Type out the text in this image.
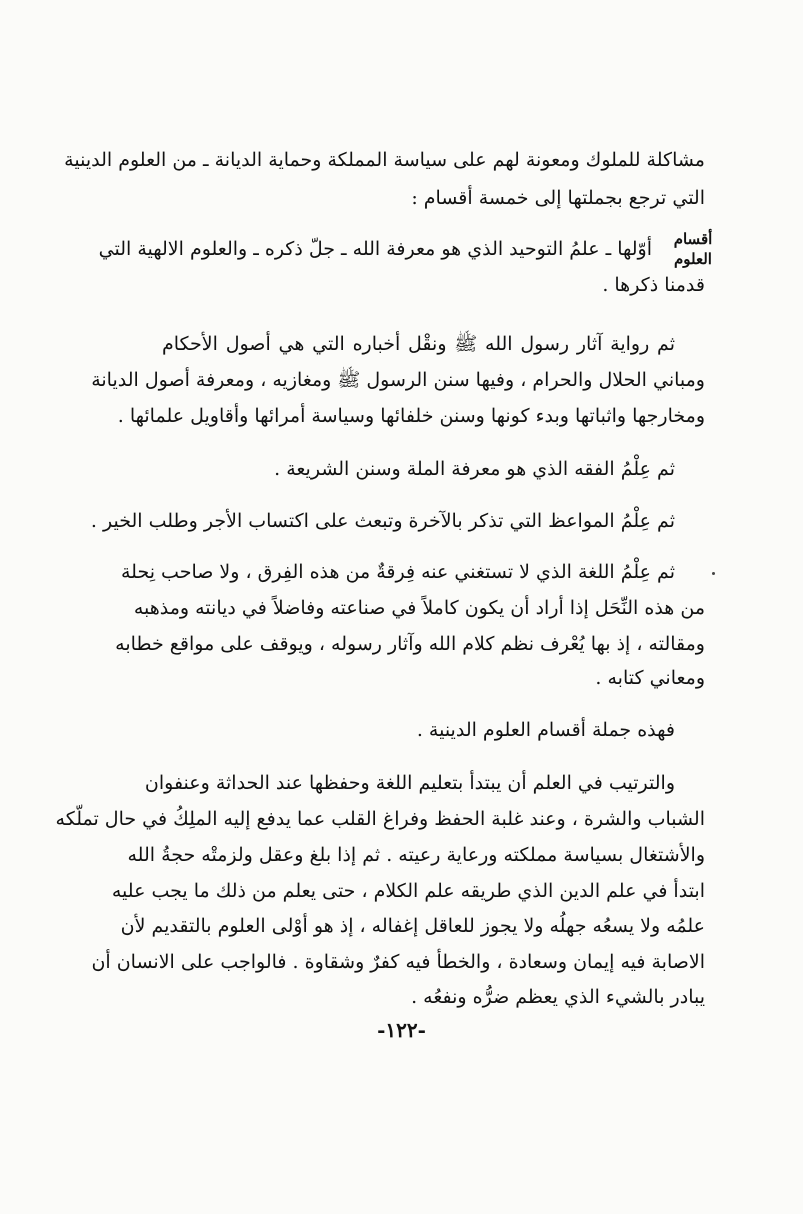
مشاكلة للملوك ومعونة لهم على سياسة المملكة وحماية الديانة ـ من العلوم الدينية
التي ترجع بجملتها إلى خمسة أقسام :
أقسام
العلوم
أوّلها ـ علمُ التوحيد الذي هو معرفة الله ـ جلّ ذكره ـ والعلوم الالهية التي
قدمنا ذكرها .
ثم رواية آثار رسول الله ﷺ ونقْل أخباره التي هي أصول الأحكام
ومباني الحلال والحرام ، وفيها سنن الرسول ﷺ ومغازيه ، ومعرفة أصول الديانة
ومخارجها واثباتها وبدء كونها وسنن خلفائها وسياسة أمرائها وأقاويل علمائها .
ثم عِلْمُ الفقه الذي هو معرفة الملة وسنن الشريعة .
ثم عِلْمُ المواعظ التي تذكر بالآخرة وتبعث على اكتساب الأجر وطلب الخير .
ثم عِلْمُ اللغة الذي لا تستغني عنه فِرقةٌ من هذه الفِرق ، ولا صاحب نِحلة
من هذه النِّحَل إذا أراد أن يكون كاملاً في صناعته وفاضلاً في ديانته ومذهبه
ومقالته ، إذ بها يُعْرف نظم كلام الله وآثار رسوله ، ويوقف على مواقع خطابه
ومعاني كتابه .
فهذه جملة أقسام العلوم الدينية .
والترتيب في العلم أن يبتدأ بتعليم اللغة وحفظها عند الحداثة وعنفوان
الشباب والشرة ، وعند غلبة الحفظ وفراغ القلب عما يدفع إليه الملِكُ في حال تملّكه
والأشتغال بسياسة مملكته ورعاية رعيته . ثم إذا بلغ وعقل ولزمتْه حجةُ الله
ابتدأ في علم الدين الذي طريقه علم الكلام ، حتى يعلم من ذلك ما يجب عليه
علمُه ولا يسعُه جهلُه ولا يجوز للعاقل إغفاله ، إذ هو أوْلى العلوم بالتقديم لأن
الاصابة فيه إيمان وسعادة ، والخطأ فيه كفرٌ وشقاوة . فالواجب على الانسان أن
يبادر بالشيء الذي يعظم ضرُّه ونفعُه .
-١٢٢-
